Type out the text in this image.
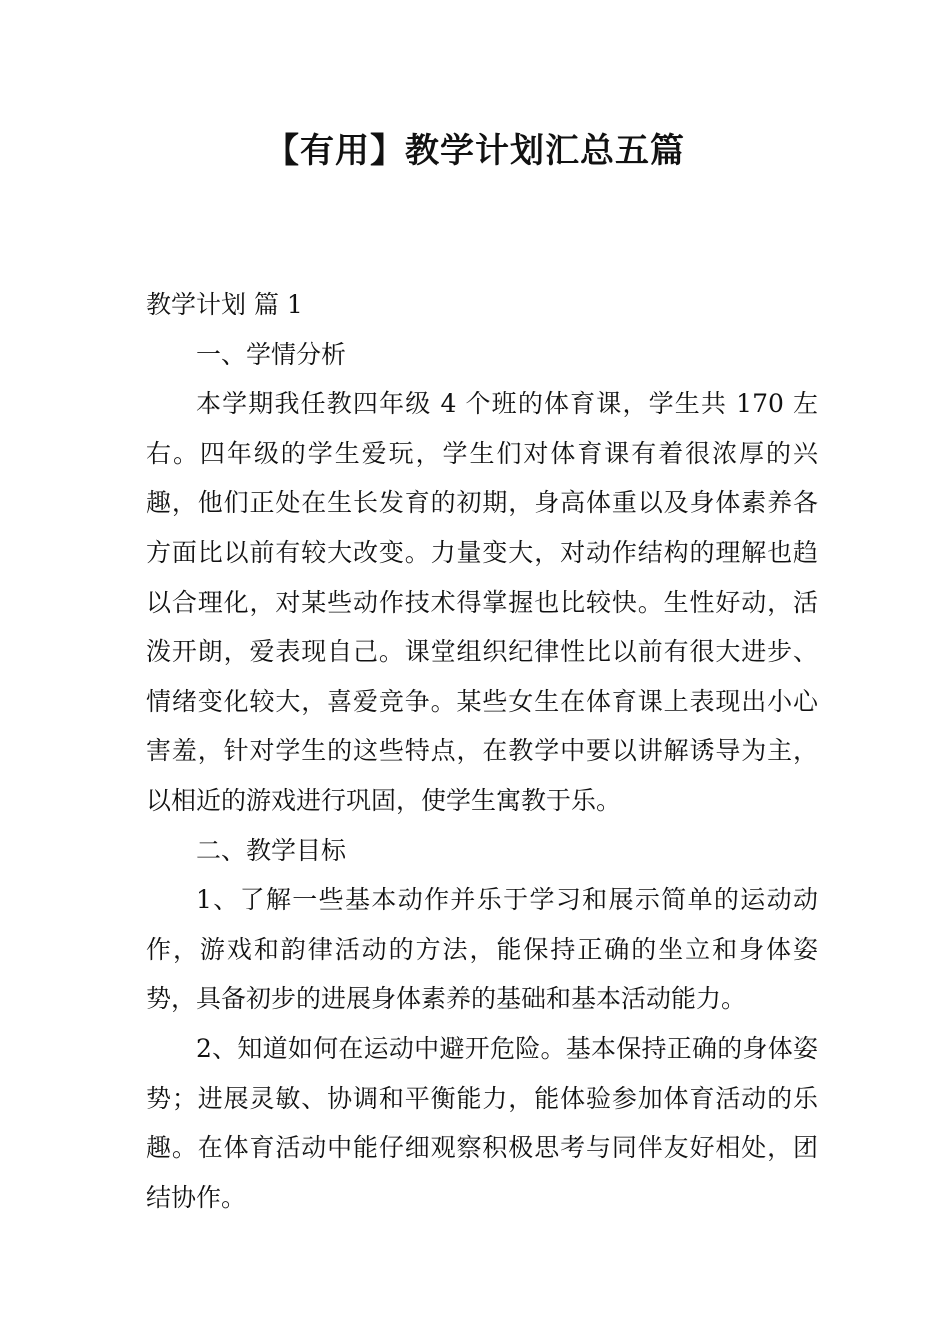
【有用】教学计划汇总五篇

教学计划 篇 1

一、学情分析

本学期我任教四年级 4 个班的体育课，学生共 170 左右。四年级的学生爱玩，学生们对体育课有着很浓厚的兴趣，他们正处在生长发育的初期，身高体重以及身体素养各方面比以前有较大改变。力量变大，对动作结构的理解也趋以合理化，对某些动作技术得掌握也比较快。生性好动，活泼开朗，爱表现自己。课堂组织纪律性比以前有很大进步、情绪变化较大，喜爱竞争。某些女生在体育课上表现出小心害羞，针对学生的这些特点，在教学中要以讲解诱导为主，以相近的游戏进行巩固，使学生寓教于乐。

二、教学目标

1、了解一些基本动作并乐于学习和展示简单的运动动作，游戏和韵律活动的方法，能保持正确的坐立和身体姿势，具备初步的进展身体素养的基础和基本活动能力。

2、知道如何在运动中避开危险。基本保持正确的身体姿势；进展灵敏、协调和平衡能力，能体验参加体育活动的乐趣。在体育活动中能仔细观察积极思考与同伴友好相处，团结协作。
